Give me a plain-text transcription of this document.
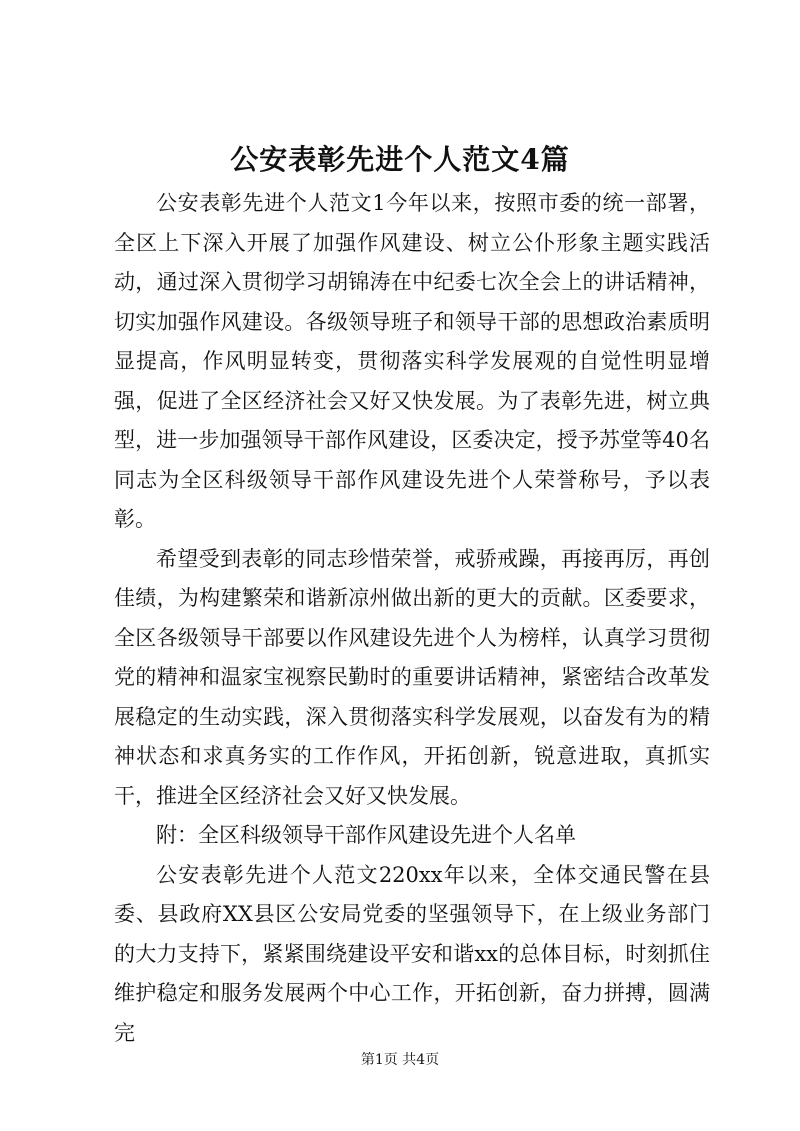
公安表彰先进个人范文4篇

公安表彰先进个人范文1今年以来，按照市委的统一部署，全区上下深入开展了加强作风建设、树立公仆形象主题实践活动，通过深入贯彻学习胡锦涛在中纪委七次全会上的讲话精神，切实加强作风建设。各级领导班子和领导干部的思想政治素质明显提高，作风明显转变，贯彻落实科学发展观的自觉性明显增强，促进了全区经济社会又好又快发展。为了表彰先进，树立典型，进一步加强领导干部作风建设，区委决定，授予苏堂等40名同志为全区科级领导干部作风建设先进个人荣誉称号，予以表彰。

希望受到表彰的同志珍惜荣誉，戒骄戒躁，再接再厉，再创佳绩，为构建繁荣和谐新凉州做出新的更大的贡献。区委要求，全区各级领导干部要以作风建设先进个人为榜样，认真学习贯彻党的精神和温家宝视察民勤时的重要讲话精神，紧密结合改革发展稳定的生动实践，深入贯彻落实科学发展观，以奋发有为的精神状态和求真务实的工作作风，开拓创新，锐意进取，真抓实干，推进全区经济社会又好又快发展。

附：全区科级领导干部作风建设先进个人名单

公安表彰先进个人范文220xx年以来，全体交通民警在县委、县政府XX县区公安局党委的坚强领导下，在上级业务部门的大力支持下，紧紧围绕建设平安和谐xx的总体目标，时刻抓住维护稳定和服务发展两个中心工作，开拓创新，奋力拼搏，圆满完

第1页 共4页
